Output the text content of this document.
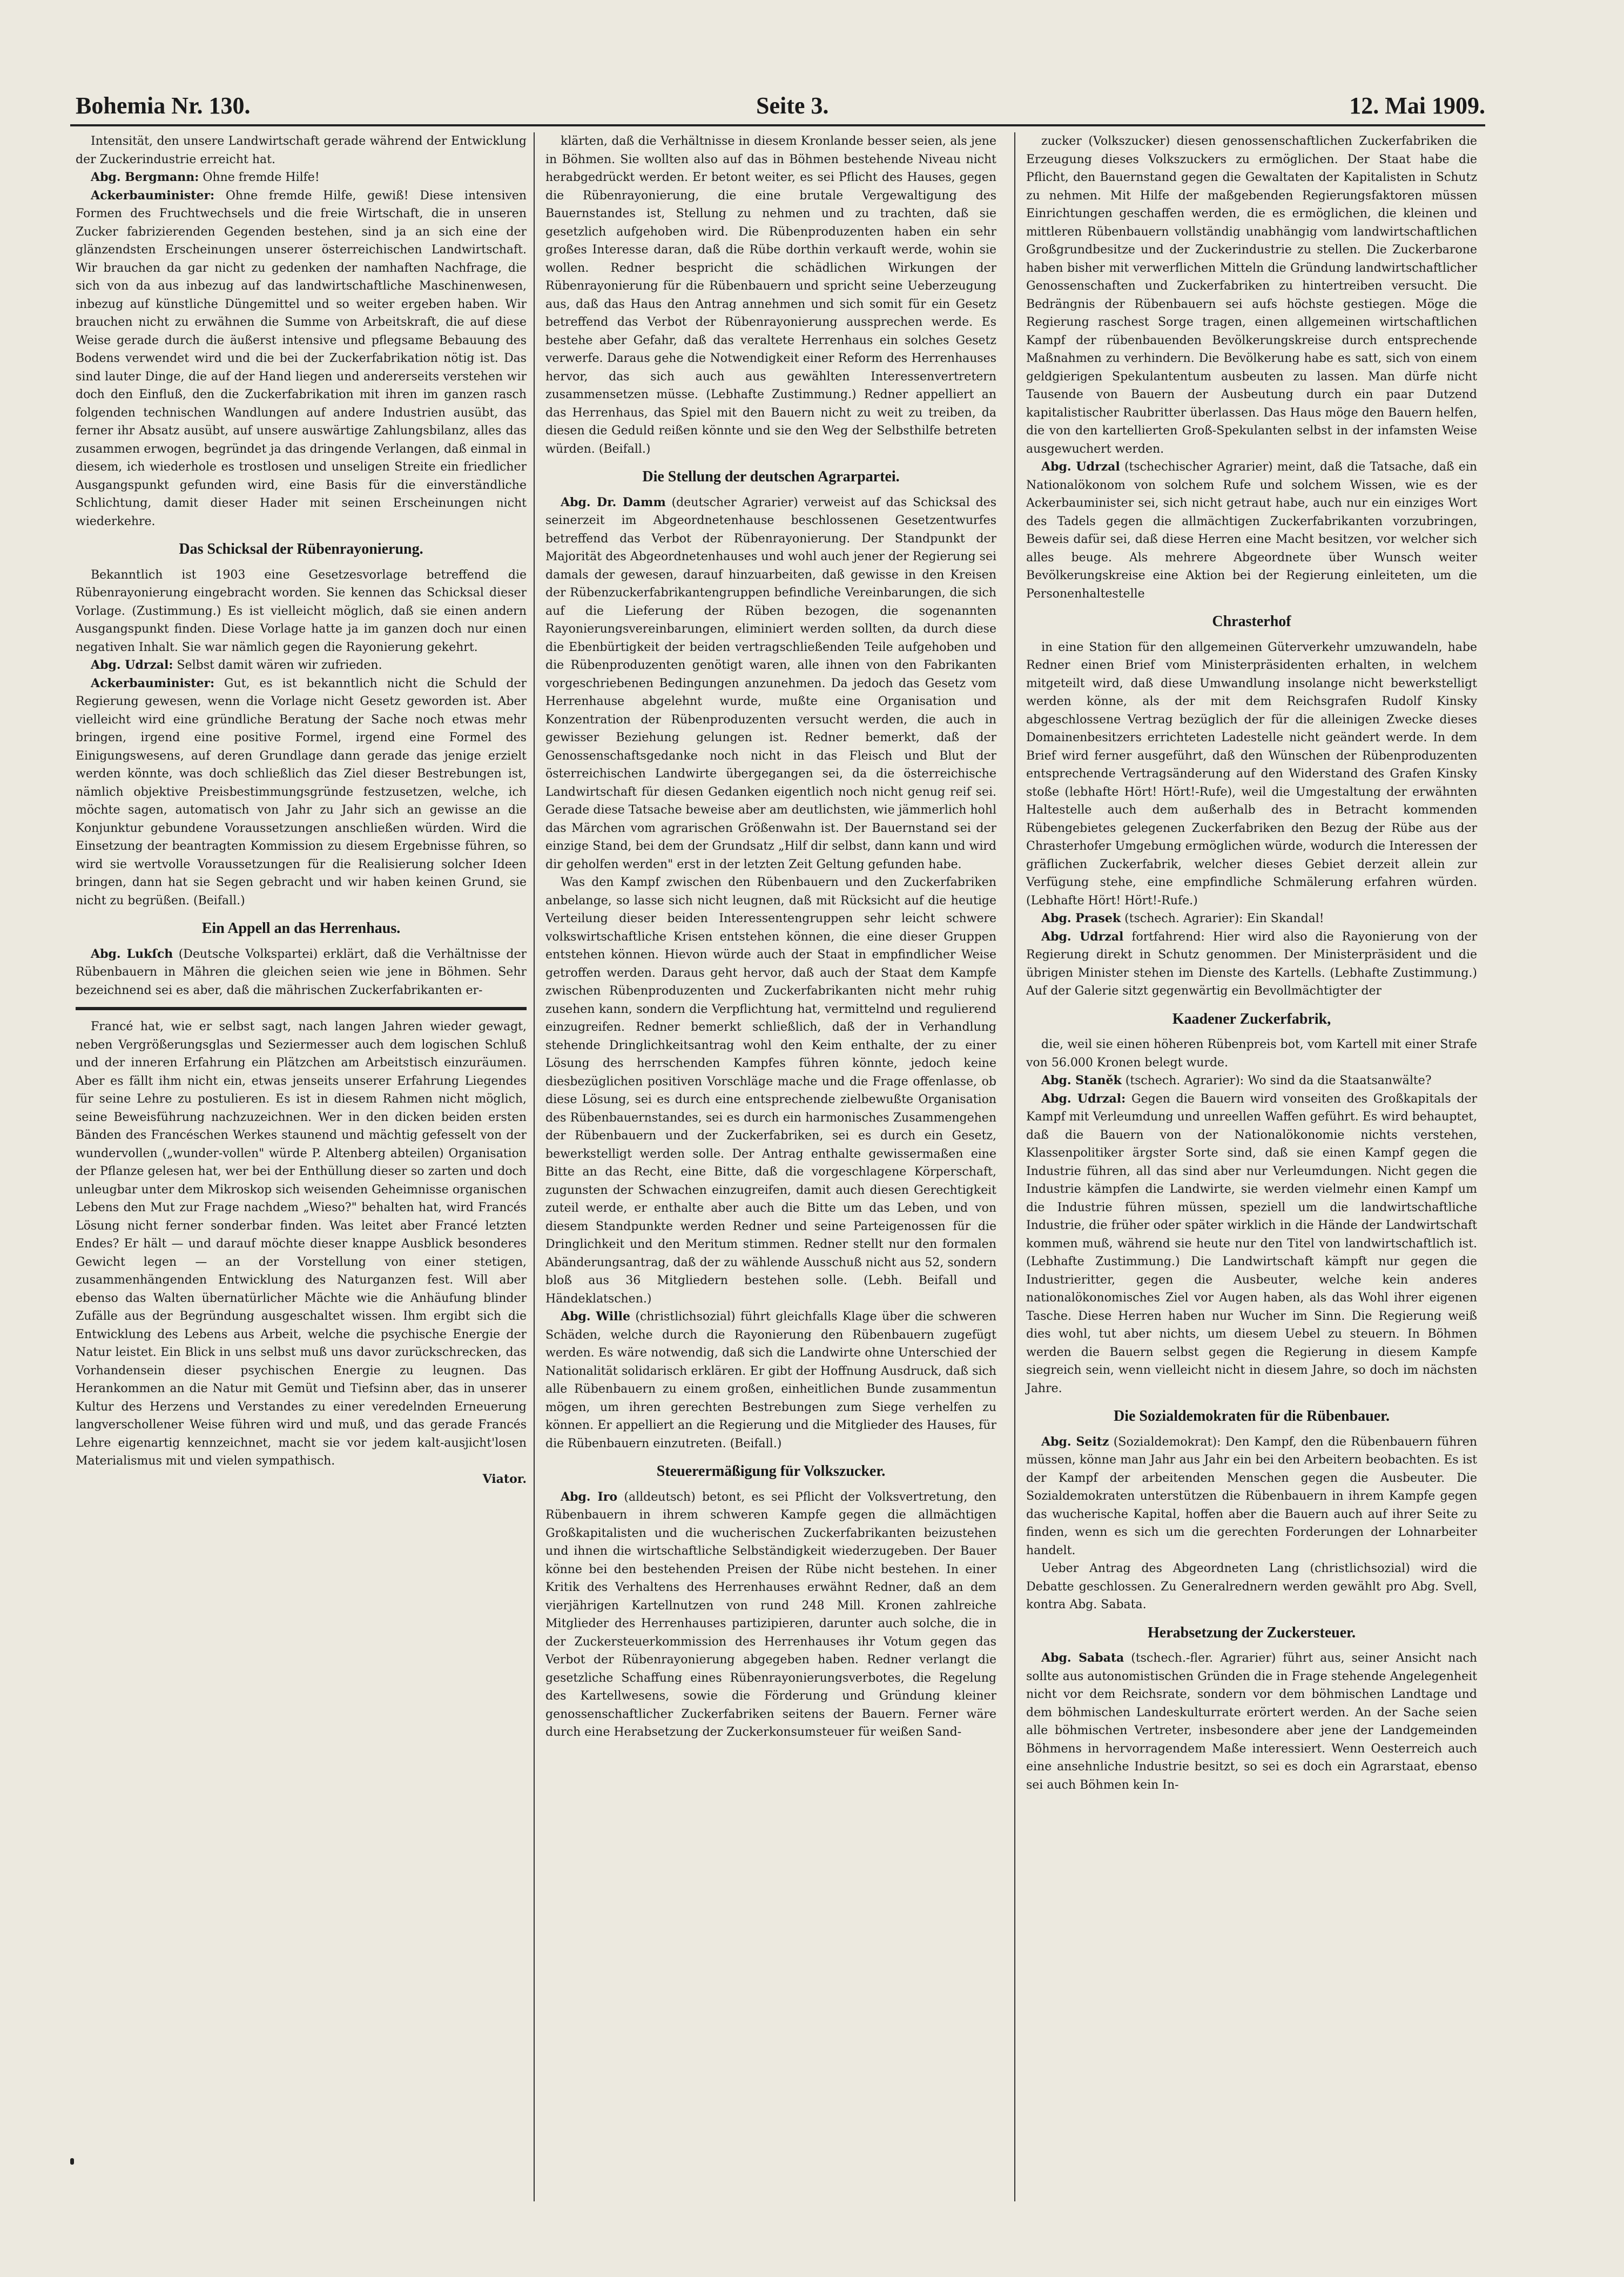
Bohemia Nr. 130.	Seite 3.	12. Mai 1909.

Intensität, den unsere Landwirtschaft gerade während der Entwicklung der Zuckerindustrie erreicht hat.

Abg. Bergmann: Ohne fremde Hilfe!

Ackerbauminister: Ohne fremde Hilfe, gewiß! Diese intensiven Formen des Fruchtwechsels und die freie Wirtschaft, die in unseren Zucker fabrizierenden Gegenden bestehen, sind ja an sich eine der glänzendsten Erscheinungen unserer österreichischen Landwirtschaft. Wir brauchen da gar nicht zu gedenken der namhaften Nachfrage, die sich von da aus inbezug auf das landwirtschaftliche Maschinenwesen, inbezug auf künstliche Düngemittel und so weiter ergeben haben. Wir brauchen nicht zu erwähnen die Summe von Arbeitskraft, die auf diese Weise gerade durch die äußerst intensive und pflegsame Bebauung des Bodens verwendet wird und die bei der Zuckerfabrikation nötig ist. Das sind lauter Dinge, die auf der Hand liegen und andererseits verstehen wir doch den Einfluß, den die Zuckerfabrikation mit ihren im ganzen rasch folgenden technischen Wandlungen auf andere Industrien ausübt, das ferner ihr Absatz ausübt, auf unsere auswärtige Zahlungsbilanz, alles das zusammen erwogen, begründet ja das dringende Verlangen, daß einmal in diesem, ich wiederhole es trostlosen und unseligen Streite ein friedlicher Ausgangspunkt gefunden wird, eine Basis für die einverständliche Schlichtung, damit dieser Hader mit seinen Erscheinungen nicht wiederkehre.

Das Schicksal der Rübenrayonierung.

Bekanntlich ist 1903 eine Gesetzesvorlage betreffend die Rübenrayonierung eingebracht worden. Sie kennen das Schicksal dieser Vorlage. (Zustimmung.) Es ist vielleicht möglich, daß sie einen andern Ausgangspunkt finden. Diese Vorlage hatte ja im ganzen doch nur einen negativen Inhalt. Sie war nämlich gegen die Rayonierung gekehrt.

Abg. Udrzal: Selbst damit wären wir zufrieden.

Ackerbauminister: Gut, es ist bekanntlich nicht die Schuld der Regierung gewesen, wenn die Vorlage nicht Gesetz geworden ist. Aber vielleicht wird eine gründliche Beratung der Sache noch etwas mehr bringen, irgend eine positive Formel, irgend eine Formel des Einigungswesens, auf deren Grundlage dann gerade das jenige erzielt werden könnte, was doch schließlich das Ziel dieser Bestrebungen ist, nämlich objektive Preisbestimmungsgründe festzusetzen, welche, ich möchte sagen, automatisch von Jahr zu Jahr sich an gewisse an die Konjunktur gebundene Voraussetzungen anschließen würden. Wird die Einsetzung der beantragten Kommission zu diesem Ergebnisse führen, so wird sie wertvolle Voraussetzungen für die Realisierung solcher Ideen bringen, dann hat sie Segen gebracht und wir haben keinen Grund, sie nicht zu begrüßen. (Beifall.)

Ein Appell an das Herrenhaus.

Abg. Lukſch (Deutsche Volkspartei) erklärt, daß die Verhältnisse der Rübenbauern in Mähren die gleichen seien wie jene in Böhmen. Sehr bezeichnend sei es aber, daß die mährischen Zuckerfabrikanten er-

Francé hat, wie er selbst sagt, nach langen Jahren wieder gewagt, neben Vergrößerungsglas und Seziermesser auch dem logischen Schluß und der inneren Erfahrung ein Plätzchen am Arbeitstisch einzuräumen. Aber es fällt ihm nicht ein, etwas jenseits unserer Erfahrung Liegendes für seine Lehre zu postulieren. Es ist in diesem Rahmen nicht möglich, seine Beweisführung nachzuzeichnen. Wer in den dicken beiden ersten Bänden des Francéschen Werkes staunend und mächtig gefesselt von der wundervollen („wunder-vollen" würde P. Altenberg abteilen) Organisation der Pflanze gelesen hat, wer bei der Enthüllung dieser so zarten und doch unleugbar unter dem Mikroskop sich weisenden Geheimnisse organischen Lebens den Mut zur Frage nachdem „Wieso?" behalten hat, wird Francés Lösung nicht ferner sonderbar finden. Was leitet aber Francé letzten Endes? Er hält — und darauf möchte dieser knappe Ausblick besonderes Gewicht legen — an der Vorstellung von einer stetigen, zusammenhängenden Entwicklung des Naturganzen fest. Will aber ebenso das Walten übernatürlicher Mächte wie die Anhäufung blinder Zufälle aus der Begründung ausgeschaltet wissen. Ihm ergibt sich die Entwicklung des Lebens aus Arbeit, welche die psychische Energie der Natur leistet. Ein Blick in uns selbst muß uns davor zurückschrecken, das Vorhandensein dieser psychischen Energie zu leugnen. Das Herankommen an die Natur mit Gemüt und Tiefsinn aber, das in unserer Kultur des Herzens und Verstandes zu einer veredelnden Erneuerung langverschollener Weise führen wird und muß, und das gerade Francés Lehre eigenartig kennzeichnet, macht sie vor jedem kalt-ausjicht'losen Materialismus mit und vielen sympathisch.

Viator.

klärten, daß die Verhältnisse in diesem Kronlande besser seien, als jene in Böhmen. Sie wollten also auf das in Böhmen bestehende Niveau nicht herabgedrückt werden. Er betont weiter, es sei Pflicht des Hauses, gegen die Rübenrayonierung, die eine brutale Vergewaltigung des Bauernstandes ist, Stellung zu nehmen und zu trachten, daß sie gesetzlich aufgehoben wird. Die Rübenproduzenten haben ein sehr großes Interesse daran, daß die Rübe dorthin verkauft werde, wohin sie wollen. Redner bespricht die schädlichen Wirkungen der Rübenrayonierung für die Rübenbauern und spricht seine Ueberzeugung aus, daß das Haus den Antrag annehmen und sich somit für ein Gesetz betreffend das Verbot der Rübenrayonierung aussprechen werde. Es bestehe aber Gefahr, daß das veraltete Herrenhaus ein solches Gesetz verwerfe. Daraus gehe die Notwendigkeit einer Reform des Herrenhauses hervor, das sich auch aus gewählten Interessenvertretern zusammensetzen müsse. (Lebhafte Zustimmung.) Redner appelliert an das Herrenhaus, das Spiel mit den Bauern nicht zu weit zu treiben, da diesen die Geduld reißen könnte und sie den Weg der Selbsthilfe betreten würden. (Beifall.)

Die Stellung der deutschen Agrarpartei.

Abg. Dr. Damm (deutscher Agrarier) verweist auf das Schicksal des seinerzeit im Abgeordnetenhause beschlossenen Gesetzentwurfes betreffend das Verbot der Rübenrayonierung. Der Standpunkt der Majorität des Abgeordnetenhauses und wohl auch jener der Regierung sei damals der gewesen, darauf hinzuarbeiten, daß gewisse in den Kreisen der Rübenzuckerfabrikantengruppen befindliche Vereinbarungen, die sich auf die Lieferung der Rüben bezogen, die sogenannten Rayonierungsvereinbarungen, eliminiert werden sollten, da durch diese die Ebenbürtigkeit der beiden vertragschließenden Teile aufgehoben und die Rübenproduzenten genötigt waren, alle ihnen von den Fabrikanten vorgeschriebenen Bedingungen anzunehmen. Da jedoch das Gesetz vom Herrenhause abgelehnt wurde, mußte eine Organisation und Konzentration der Rübenproduzenten versucht werden, die auch in gewisser Beziehung gelungen ist. Redner bemerkt, daß der Genossenschaftsgedanke noch nicht in das Fleisch und Blut der österreichischen Landwirte übergegangen sei, da die österreichische Landwirtschaft für diesen Gedanken eigentlich noch nicht genug reif sei. Gerade diese Tatsache beweise aber am deutlichsten, wie jämmerlich hohl das Märchen vom agrarischen Größenwahn ist. Der Bauernstand sei der einzige Stand, bei dem der Grundsatz „Hilf dir selbst, dann kann und wird dir geholfen werden" erst in der letzten Zeit Geltung gefunden habe.

Was den Kampf zwischen den Rübenbauern und den Zuckerfabriken anbelange, so lasse sich nicht leugnen, daß mit Rücksicht auf die heutige Verteilung dieser beiden Interessentengruppen sehr leicht schwere volkswirtschaftliche Krisen entstehen können, die eine dieser Gruppen entstehen können. Hievon würde auch der Staat in empfindlicher Weise getroffen werden. Daraus geht hervor, daß auch der Staat dem Kampfe zwischen Rübenproduzenten und Zuckerfabrikanten nicht mehr ruhig zusehen kann, sondern die Verpflichtung hat, vermittelnd und regulierend einzugreifen. Redner bemerkt schließlich, daß der in Verhandlung stehende Dringlichkeitsantrag wohl den Keim enthalte, der zu einer Lösung des herrschenden Kampfes führen könnte, jedoch keine diesbezüglichen positiven Vorschläge mache und die Frage offenlasse, ob diese Lösung, sei es durch eine entsprechende zielbewußte Organisation des Rübenbauernstandes, sei es durch ein harmonisches Zusammengehen der Rübenbauern und der Zuckerfabriken, sei es durch ein Gesetz, bewerkstelligt werden solle. Der Antrag enthalte gewissermaßen eine Bitte an das Recht, eine Bitte, daß die vorgeschlagene Körperschaft, zugunsten der Schwachen einzugreifen, damit auch diesen Gerechtigkeit zuteil werde, er enthalte aber auch die Bitte um das Leben, und von diesem Standpunkte werden Redner und seine Parteigenossen für die Dringlichkeit und den Meritum stimmen. Redner stellt nur den formalen Abänderungsantrag, daß der zu wählende Ausschuß nicht aus 52, sondern bloß aus 36 Mitgliedern bestehen solle. (Lebh. Beifall und Händeklatschen.)

Abg. Wille (christlichsozial) führt gleichfalls Klage über die schweren Schäden, welche durch die Rayonierung den Rübenbauern zugefügt werden. Es wäre notwendig, daß sich die Landwirte ohne Unterschied der Nationalität solidarisch erklären. Er gibt der Hoffnung Ausdruck, daß sich alle Rübenbauern zu einem großen, einheitlichen Bunde zusammentun mögen, um ihren gerechten Bestrebungen zum Siege verhelfen zu können. Er appelliert an die Regierung und die Mitglieder des Hauses, für die Rübenbauern einzutreten. (Beifall.)

Steuerermäßigung für Volkszucker.

Abg. Iro (alldeutsch) betont, es sei Pflicht der Volksvertretung, den Rübenbauern in ihrem schweren Kampfe gegen die allmächtigen Großkapitalisten und die wucherischen Zuckerfabrikanten beizustehen und ihnen die wirtschaftliche Selbständigkeit wiederzugeben. Der Bauer könne bei den bestehenden Preisen der Rübe nicht bestehen. In einer Kritik des Verhaltens des Herrenhauses erwähnt Redner, daß an dem vierjährigen Kartellnutzen von rund 248 Mill. Kronen zahlreiche Mitglieder des Herrenhauses partizipieren, darunter auch solche, die in der Zuckersteuerkommission des Herrenhauses ihr Votum gegen das Verbot der Rübenrayonierung abgegeben haben. Redner verlangt die gesetzliche Schaffung eines Rübenrayonierungsverbotes, die Regelung des Kartellwesens, sowie die Förderung und Gründung kleiner genossenschaftlicher Zuckerfabriken seitens der Bauern. Ferner wäre durch eine Herabsetzung der Zuckerkonsumsteuer für weißen Sand-

zucker (Volkszucker) diesen genossenschaftlichen Zuckerfabriken die Erzeugung dieses Volkszuckers zu ermöglichen. Der Staat habe die Pflicht, den Bauernstand gegen die Gewaltaten der Kapitalisten in Schutz zu nehmen. Mit Hilfe der maßgebenden Regierungsfaktoren müssen Einrichtungen geschaffen werden, die es ermöglichen, die kleinen und mittleren Rübenbauern vollständig unabhängig vom landwirtschaftlichen Großgrundbesitze und der Zuckerindustrie zu stellen. Die Zuckerbarone haben bisher mit verwerflichen Mitteln die Gründung landwirtschaftlicher Genossenschaften und Zuckerfabriken zu hintertreiben versucht. Die Bedrängnis der Rübenbauern sei aufs höchste gestiegen. Möge die Regierung raschest Sorge tragen, einen allgemeinen wirtschaftlichen Kampf der rübenbauenden Bevölkerungskreise durch entsprechende Maßnahmen zu verhindern. Die Bevölkerung habe es satt, sich von einem geldgierigen Spekulantentum ausbeuten zu lassen. Man dürfe nicht Tausende von Bauern der Ausbeutung durch ein paar Dutzend kapitalistischer Raubritter überlassen. Das Haus möge den Bauern helfen, die von den kartellierten Groß-Spekulanten selbst in der infamsten Weise ausgewuchert werden.

Abg. Udrzal (tschechischer Agrarier) meint, daß die Tatsache, daß ein Nationalökonom von solchem Rufe und solchem Wissen, wie es der Ackerbauminister sei, sich nicht getraut habe, auch nur ein einziges Wort des Tadels gegen die allmächtigen Zuckerfabrikanten vorzubringen, Beweis dafür sei, daß diese Herren eine Macht besitzen, vor welcher sich alles beuge. Als mehrere Abgeordnete über Wunsch weiter Bevölkerungskreise eine Aktion bei der Regierung einleiteten, um die Personenhaltestelle

Chrasterhof

in eine Station für den allgemeinen Güterverkehr umzuwandeln, habe Redner einen Brief vom Ministerpräsidenten erhalten, in welchem mitgeteilt wird, daß diese Umwandlung insolange nicht bewerkstelligt werden könne, als der mit dem Reichsgrafen Rudolf Kinsky abgeschlossene Vertrag bezüglich der für die alleinigen Zwecke dieses Domainenbesitzers errichteten Ladestelle nicht geändert werde. In dem Brief wird ferner ausgeführt, daß den Wünschen der Rübenproduzenten entsprechende Vertragsänderung auf den Widerstand des Grafen Kinsky stoße (lebhafte Hört! Hört!-Rufe), weil die Umgestaltung der erwähnten Haltestelle auch dem außerhalb des in Betracht kommenden Rübengebietes gelegenen Zuckerfabriken den Bezug der Rübe aus der Chrasterhofer Umgebung ermöglichen würde, wodurch die Interessen der gräflichen Zuckerfabrik, welcher dieses Gebiet derzeit allein zur Verfügung stehe, eine empfindliche Schmälerung erfahren würden. (Lebhafte Hört! Hört!-Rufe.)

Abg. Prasek (tschech. Agrarier): Ein Skandal!

Abg. Udrzal fortfahrend: Hier wird also die Rayonierung von der Regierung direkt in Schutz genommen. Der Ministerpräsident und die übrigen Minister stehen im Dienste des Kartells. (Lebhafte Zustimmung.) Auf der Galerie sitzt gegenwärtig ein Bevollmächtigter der

Kaadener Zuckerfabrik,

die, weil sie einen höheren Rübenpreis bot, vom Kartell mit einer Strafe von 56.000 Kronen belegt wurde.

Abg. Staněk (tschech. Agrarier): Wo sind da die Staatsanwälte?

Abg. Udrzal: Gegen die Bauern wird vonseiten des Großkapitals der Kampf mit Verleumdung und unreellen Waffen geführt. Es wird behauptet, daß die Bauern von der Nationalökonomie nichts verstehen, Klassenpolitiker ärgster Sorte sind, daß sie einen Kampf gegen die Industrie führen, all das sind aber nur Verleumdungen. Nicht gegen die Industrie kämpfen die Landwirte, sie werden vielmehr einen Kampf um die Industrie führen müssen, speziell um die landwirtschaftliche Industrie, die früher oder später wirklich in die Hände der Landwirtschaft kommen muß, während sie heute nur den Titel von landwirtschaftlich ist. (Lebhafte Zustimmung.) Die Landwirtschaft kämpft nur gegen die Industrieritter, gegen die Ausbeuter, welche kein anderes nationalökonomisches Ziel vor Augen haben, als das Wohl ihrer eigenen Tasche. Diese Herren haben nur Wucher im Sinn. Die Regierung weiß dies wohl, tut aber nichts, um diesem Uebel zu steuern. In Böhmen werden die Bauern selbst gegen die Regierung in diesem Kampfe siegreich sein, wenn vielleicht nicht in diesem Jahre, so doch im nächsten Jahre.

Die Sozialdemokraten für die Rübenbauer.

Abg. Seitz (Sozialdemokrat): Den Kampf, den die Rübenbauern führen müssen, könne man Jahr aus Jahr ein bei den Arbeitern beobachten. Es ist der Kampf der arbeitenden Menschen gegen die Ausbeuter. Die Sozialdemokraten unterstützen die Rübenbauern in ihrem Kampfe gegen das wucherische Kapital, hoffen aber die Bauern auch auf ihrer Seite zu finden, wenn es sich um die gerechten Forderungen der Lohnarbeiter handelt.

Ueber Antrag des Abgeordneten Lang (christlichsozial) wird die Debatte geschlossen. Zu Generalrednern werden gewählt pro Abg. Svell, kontra Abg. Sabata.

Herabsetzung der Zuckersteuer.

Abg. Sabata (tschech.-fler. Agrarier) führt aus, seiner Ansicht nach sollte aus autonomistischen Gründen die in Frage stehende Angelegenheit nicht vor dem Reichsrate, sondern vor dem böhmischen Landtage und dem böhmischen Landeskulturrate erörtert werden. An der Sache seien alle böhmischen Vertreter, insbesondere aber jene der Landgemeinden Böhmens in hervorragendem Maße interessiert. Wenn Oesterreich auch eine ansehnliche Industrie besitzt, so sei es doch ein Agrarstaat, ebenso sei auch Böhmen kein In-
